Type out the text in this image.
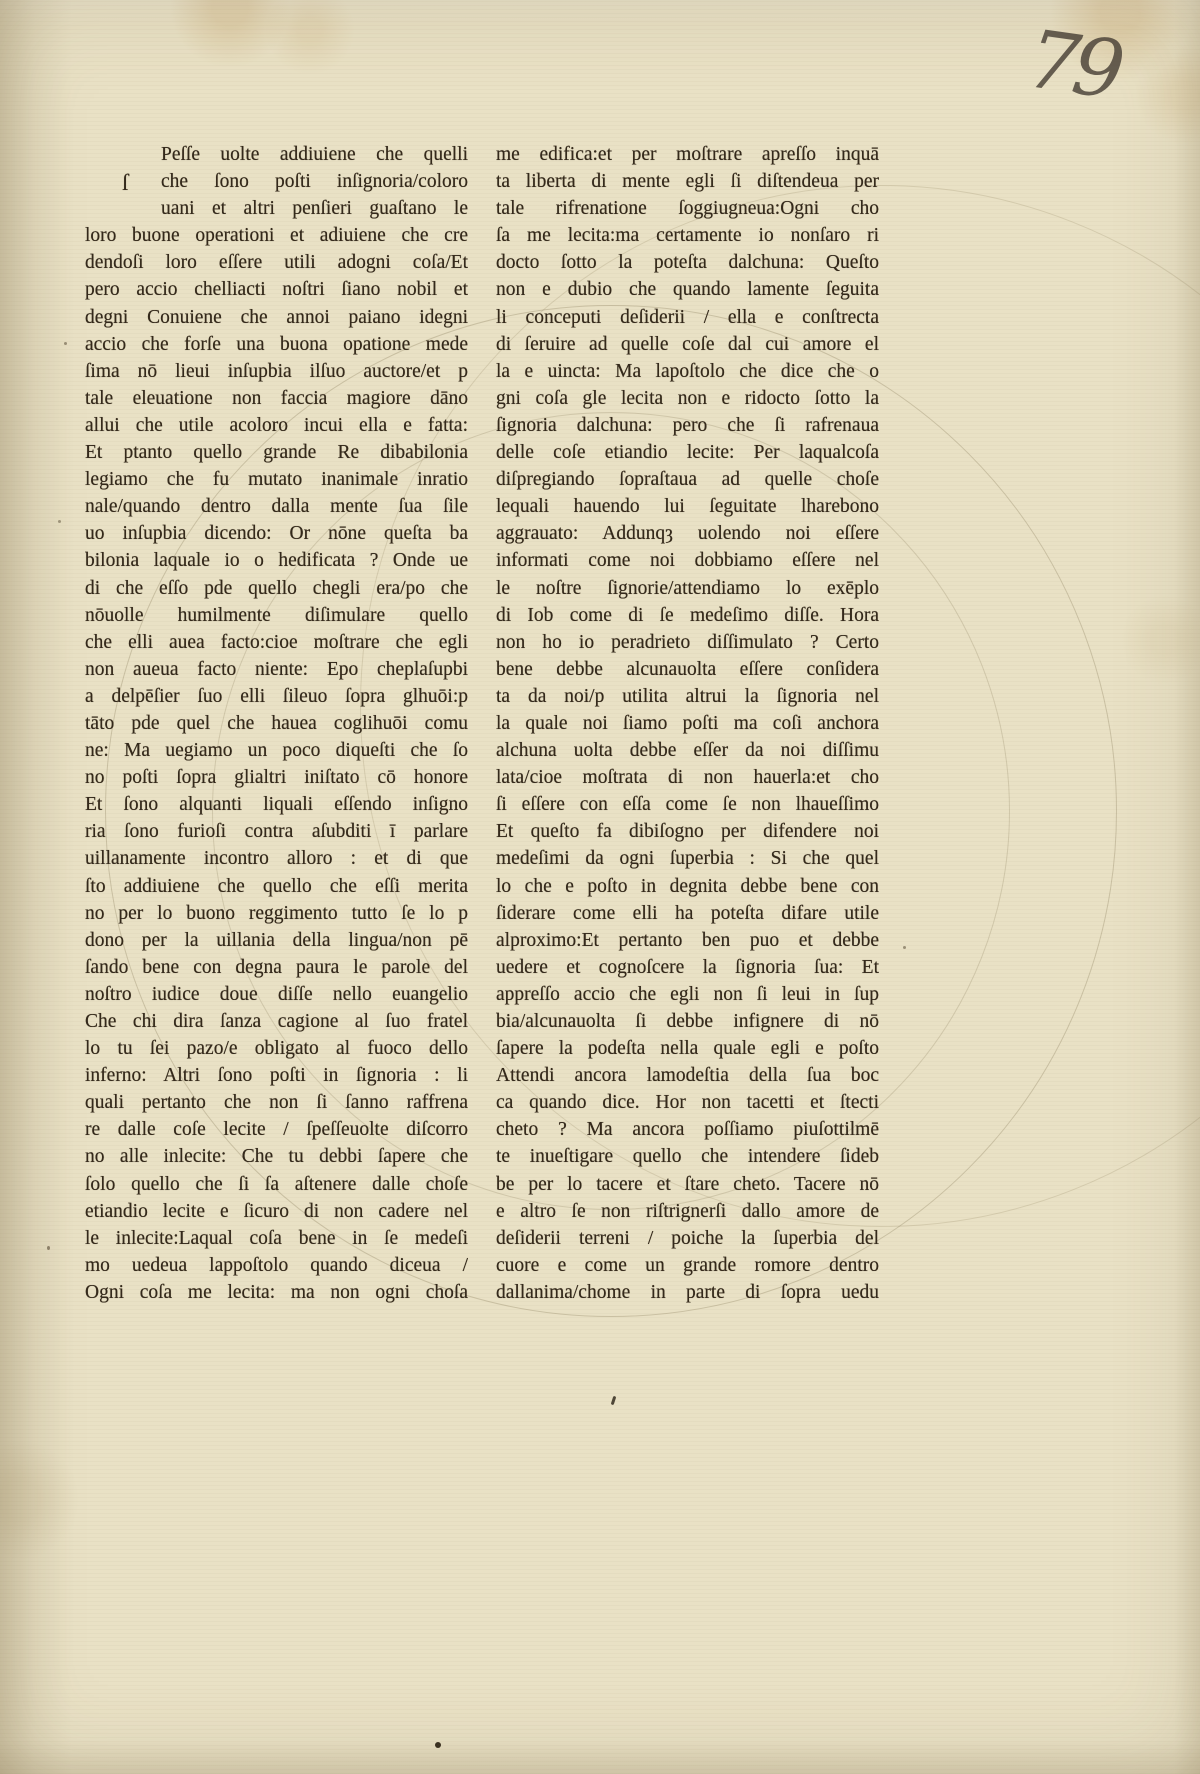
79
ſ
Peſſe uolte addiuiene che quelli
che ſono poſti inſignoria/coloro
uani et altri penſieri guaſtano le
loro buone operationi et adiuiene che cre
dendoſi loro eſſere utili adogni coſa/Et
pero accio chelliacti noſtri ſiano nobil et
degni Conuiene che annoi paiano idegni
accio che forſe una buona opatione mede
ſima nō lieui inſupbia ilſuo auctore/et p
tale eleuatione non faccia magiore dāno
allui che utile acoloro incui ella e fatta:
Et ptanto quello grande Re dibabilonia
legiamo che fu mutato inanimale inratio
nale/quando dentro dalla mente ſua ſile
uo inſupbia dicendo: Or nōne queſta ba
bilonia laquale io o hedificata ? Onde ue
di che eſſo pde quello chegli era/po che
nōuolle humilmente diſimulare quello
che elli auea facto:cioe moſtrare che egli
non aueua facto niente: Epo cheplaſupbi
a delpēſier ſuo elli ſileuo ſopra glhuōi:p
tāto pde quel che hauea coglihuōi comu
ne: Ma uegiamo un poco diqueſti che ſo
no poſti ſopra glialtri iniſtato cō honore
Et ſono alquanti liquali eſſendo inſigno
ria ſono furioſi contra aſubditi ī parlare
uillanamente incontro alloro : et di que
ſto addiuiene che quello che eſſi merita
no per lo buono reggimento tutto ſe lo p
dono per la uillania della lingua/non pē
ſando bene con degna paura le parole del
noſtro iudice doue diſſe nello euangelio
Che chi dira ſanza cagione al ſuo fratel
lo tu ſei pazo/e obligato al fuoco dello
inferno: Altri ſono poſti in ſignoria : li
quali pertanto che non ſi ſanno raffrena
re dalle coſe lecite / ſpeſſeuolte diſcorro
no alle inlecite: Che tu debbi ſapere che
ſolo quello che ſi ſa aſtenere dalle choſe
etiandio lecite e ſicuro di non cadere nel
le inlecite:Laqual coſa bene in ſe medeſi
mo uedeua lappoſtolo quando diceua /
Ogni coſa me lecita: ma non ogni choſa
me edifica:et per moſtrare apreſſo inquā
ta liberta di mente egli ſi diſtendeua per
tale rifrenatione ſoggiugneua:Ogni cho
ſa me lecita:ma certamente io nonſaro ri
docto ſotto la poteſta dalchuna: Queſto
non e dubio che quando lamente ſeguita
li conceputi deſiderii / ella e conſtrecta
di ſeruire ad quelle coſe dal cui amore el
la e uincta: Ma lapoſtolo che dice che o
gni coſa gle lecita non e ridocto ſotto la
ſignoria dalchuna: pero che ſi rafrenaua
delle coſe etiandio lecite: Per laqualcoſa
diſpregiando ſopraſtaua ad quelle choſe
lequali hauendo lui ſeguitate lharebono
aggrauato: Addunqȝ uolendo noi eſſere
informati come noi dobbiamo eſſere nel
le noſtre ſignorie/attendiamo lo exēplo
di Iob come di ſe medeſimo diſſe. Hora
non ho io peradrieto diſſimulato ? Certo
bene debbe alcunauolta eſſere conſidera
ta da noi/p utilita altrui la ſignoria nel
la quale noi ſiamo poſti ma coſi anchora
alchuna uolta debbe eſſer da noi diſſimu
lata/cioe moſtrata di non hauerla:et cho
ſi eſſere con eſſa come ſe non lhaueſſimo
Et queſto fa dibiſogno per difendere noi
medeſimi da ogni ſuperbia : Si che quel
lo che e poſto in degnita debbe bene con
ſiderare come elli ha poteſta difare utile
alproximo:Et pertanto ben puo et debbe
uedere et cognoſcere la ſignoria ſua: Et
appreſſo accio che egli non ſi leui in ſup
bia/alcunauolta ſi debbe infignere di nō
ſapere la podeſta nella quale egli e poſto
Attendi ancora lamodeſtia della ſua boc
ca quando dice. Hor non tacetti et ſtecti
cheto ? Ma ancora poſſiamo piuſottilmē
te inueſtigare quello che intendere ſideb
be per lo tacere et ſtare cheto. Tacere nō
e altro ſe non riſtrignerſi dallo amore de
deſiderii terreni / poiche la ſuperbia del
cuore e come un grande romore dentro
dallanima/chome in parte di ſopra uedu
